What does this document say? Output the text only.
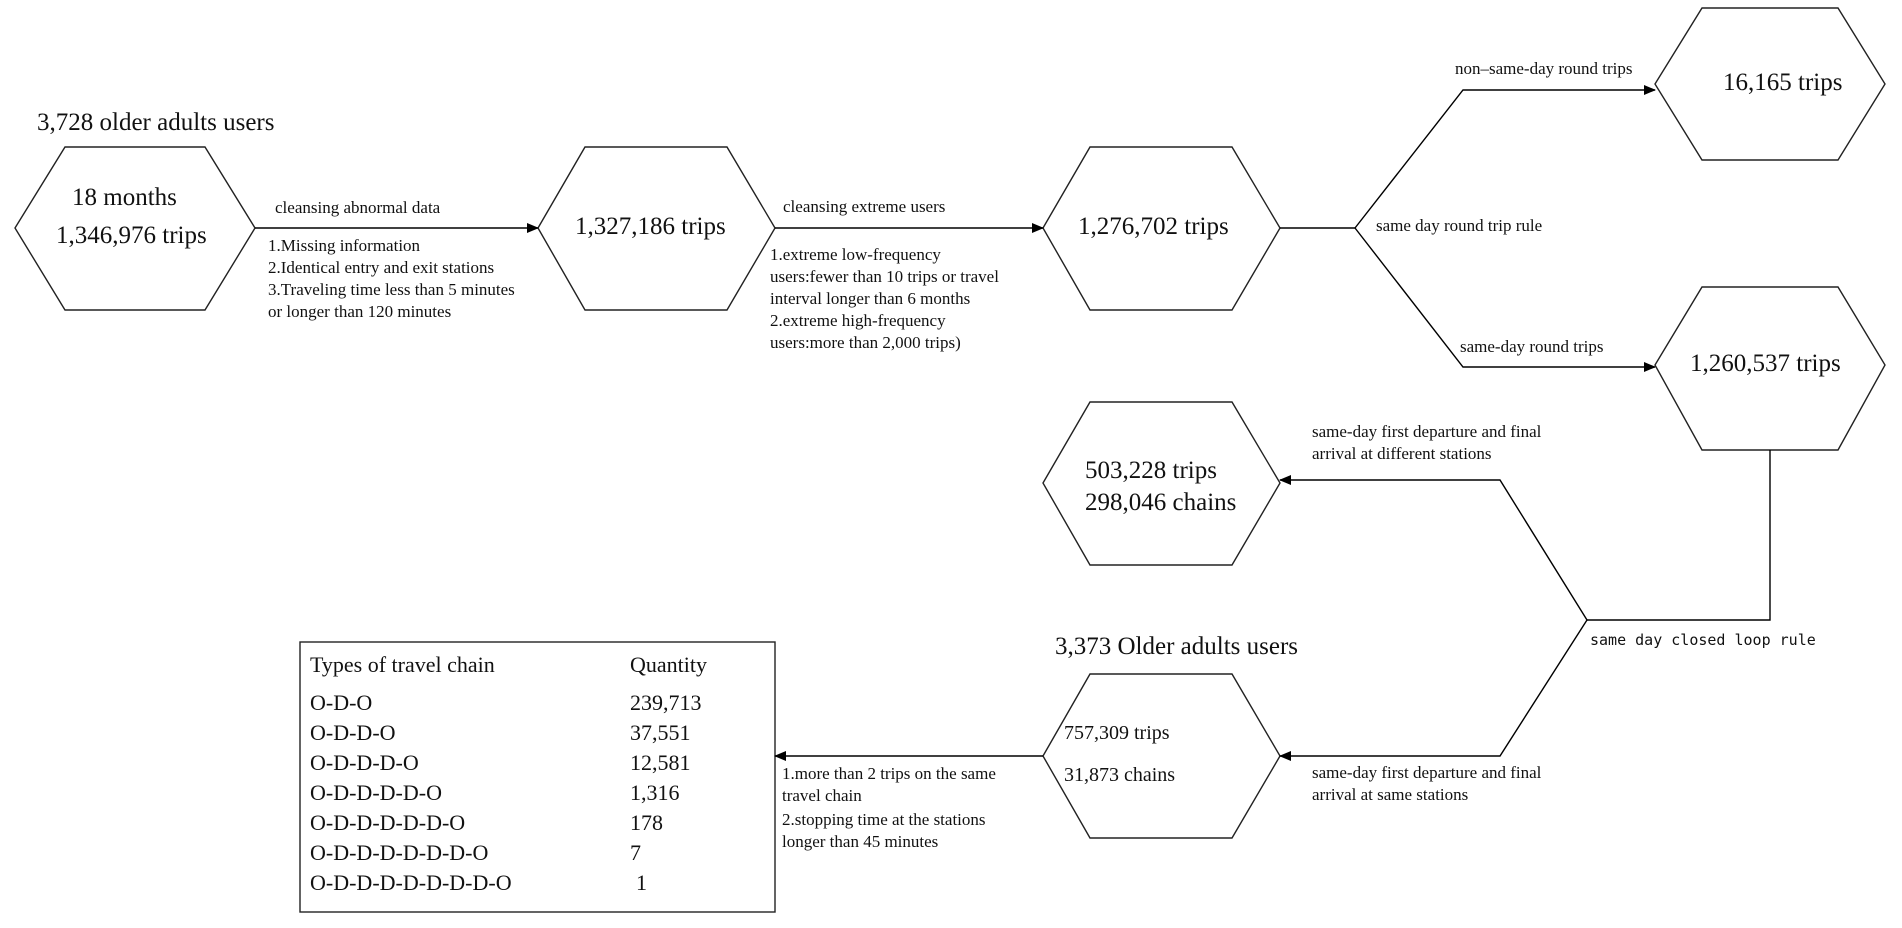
3,728 older adults users
18 months
1,346,976 trips
cleansing abnormal data
1.Missing information
2.Identical entry and exit stations
3.Traveling time less than 5 minutes
or longer than 120 minutes
1,327,186 trips
cleansing extreme users
1.extreme low-frequency
users:fewer than 10 trips or travel
interval longer than 6 months
2.extreme high-frequency
users:more than 2,000 trips)
1,276,702 trips
non–same-day round trips
same day round trip rule
same-day round trips
16,165 trips
1,260,537 trips
same-day first departure and final
arrival at different stations
same day closed loop rule
same-day first departure and final
arrival at same stations
503,228 trips
298,046 chains
3,373 Older adults users
757,309 trips
31,873 chains
1.more than 2 trips on the same
travel chain
2.stopping time at the stations
longer than 45 minutes
Types of travel chain	Quantity
O-D-O	239,713
O-D-D-O	37,551
O-D-D-D-O	12,581
O-D-D-D-D-O	1,316
O-D-D-D-D-D-O	178
O-D-D-D-D-D-D-O	7
O-D-D-D-D-D-D-D-O	1
